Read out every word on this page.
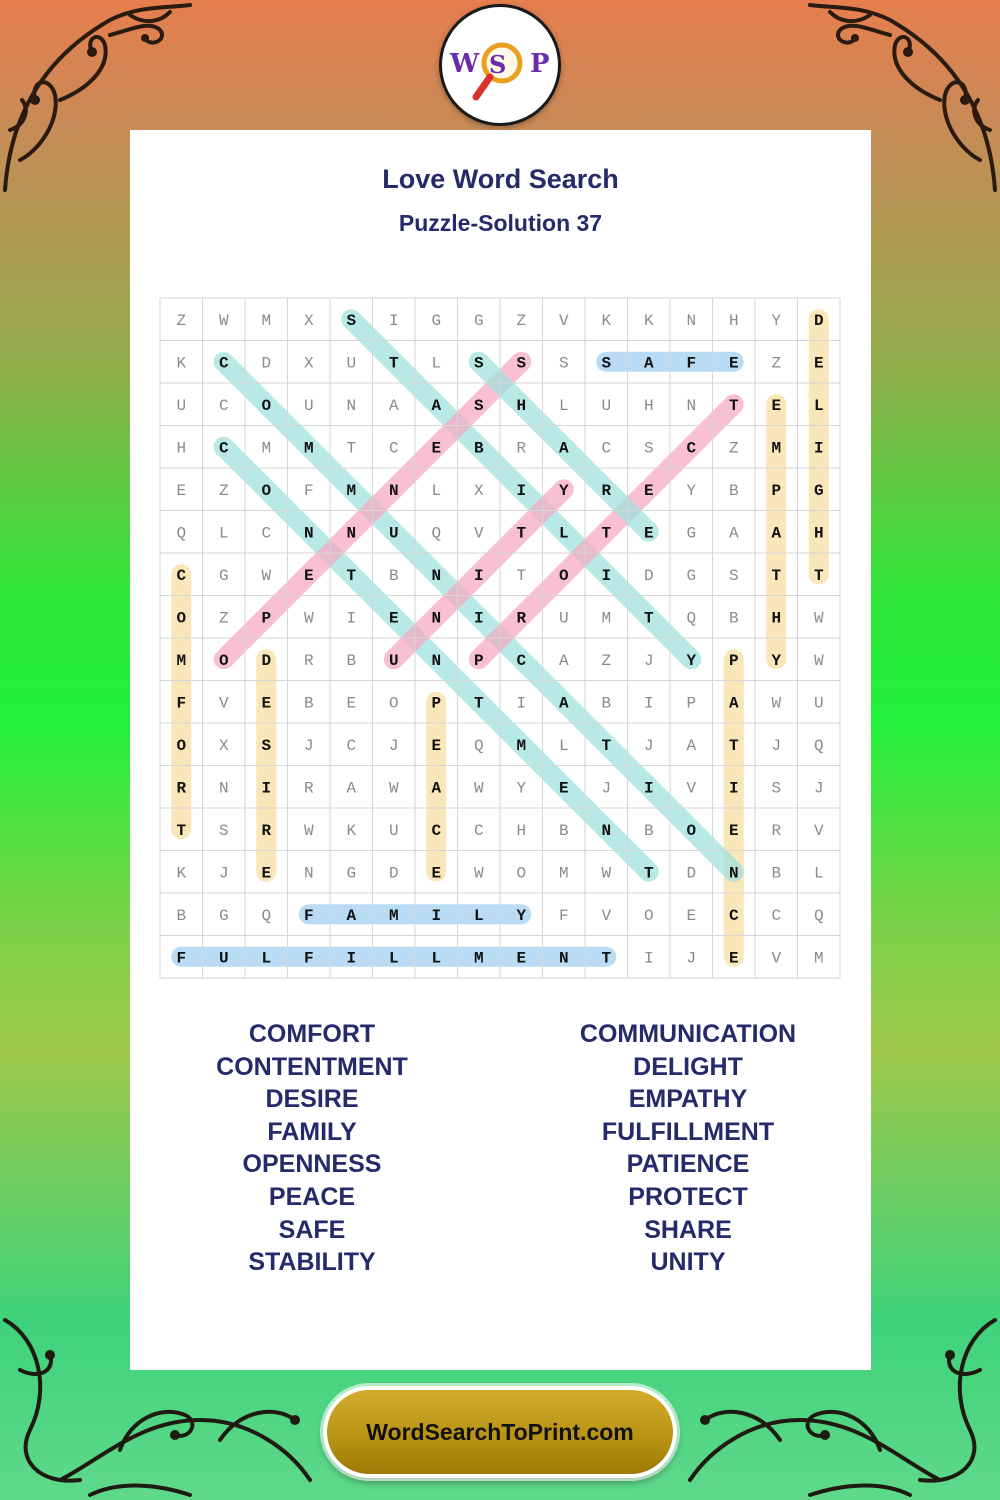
W S P
Love Word Search
Puzzle-Solution 37
Z W M X S I G G Z V K K N H Y D
K C D X U T L S S S S A F E Z E
U C O U N A A S H L U H N T E L
H C M M T C E B R A C S C Z M I
E Z O F M N L X I Y R E Y B P G
Q L C N N U Q V T L T E G A A H
C G W E T B N I T O I D G S T T
O Z P W I E N I R U M T Q B H W
M O D R B U N P C A Z J Y P Y W
F V E B E O P T I A B I P A W U
O X S J C J E Q M L T J A T J Q
R N I R A W A W Y E J I V I S J
T S R W K U C C H B N B O E R V
K J E N G D E W O M W T D N B L
B G Q F A M I L Y F V O E C C Q
F U L F I L L M E N T I J E V M
COMFORT
CONTENTMENT
DESIRE
FAMILY
OPENNESS
PEACE
SAFE
STABILITY
COMMUNICATION
DELIGHT
EMPATHY
FULFILLMENT
PATIENCE
PROTECT
SHARE
UNITY
WordSearchToPrint.com
